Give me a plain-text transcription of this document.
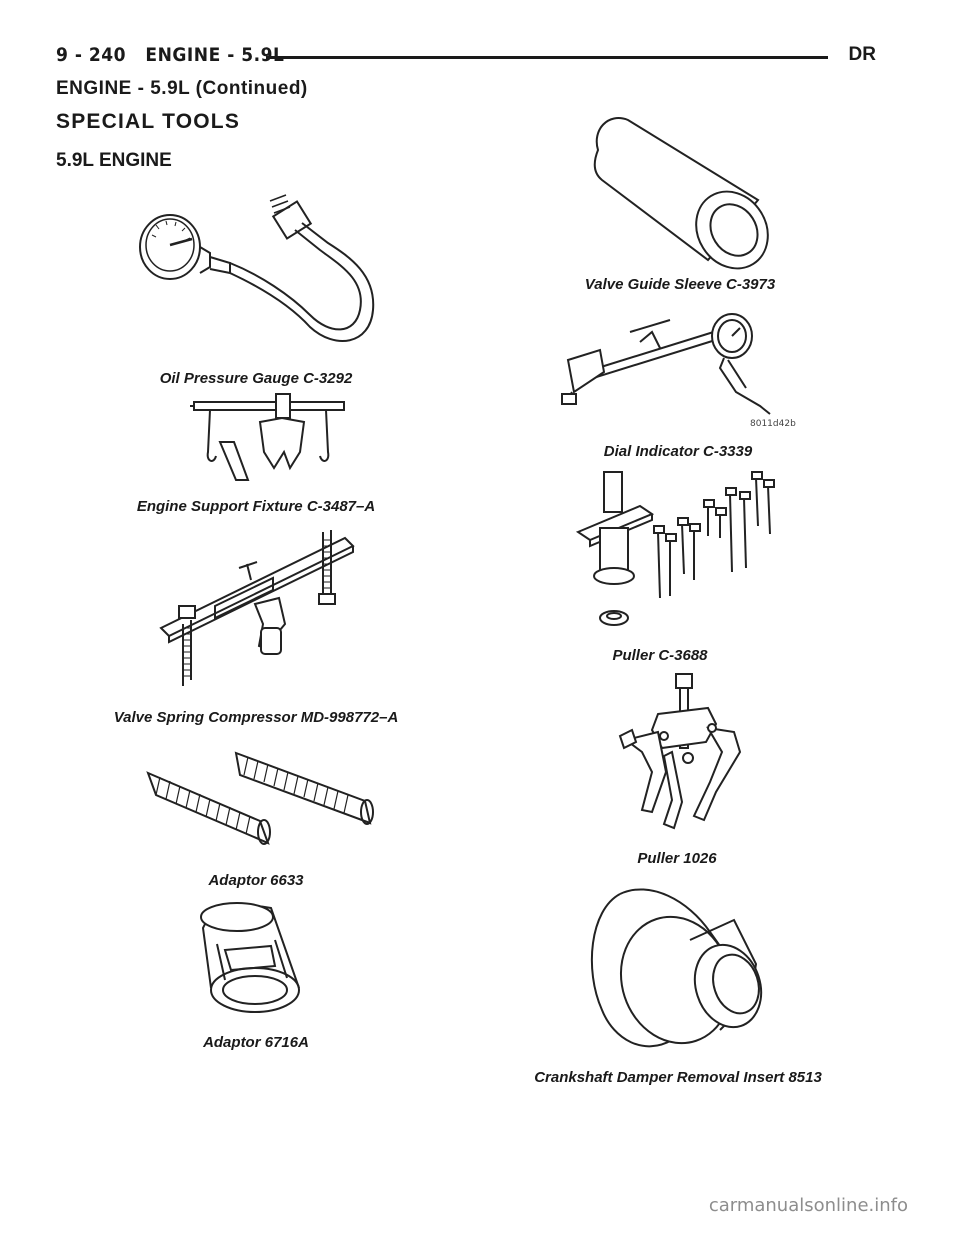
9 - 240 ENGINE - 5.9L	DR
ENGINE - 5.9L (Continued)
SPECIAL TOOLS
5.9L ENGINE
Oil Pressure Gauge C-3292
Engine Support Fixture C-3487–A
Valve Spring Compressor MD-998772–A
Adaptor 6633
Adaptor 6716A
Valve Guide Sleeve C-3973
8011d42b
Dial Indicator C-3339
Puller C-3688
Puller 1026
Crankshaft Damper Removal Insert 8513
carmanualsonline.info
